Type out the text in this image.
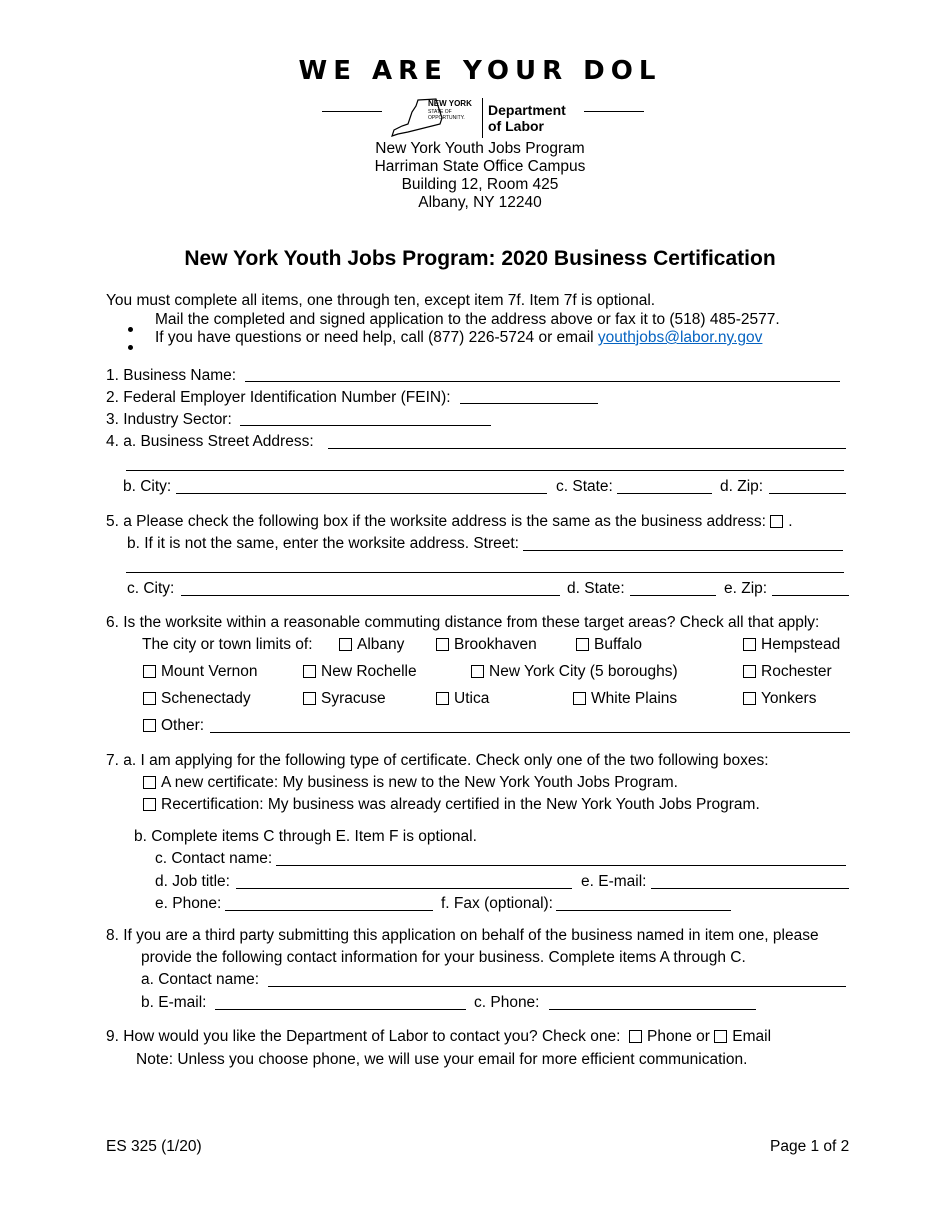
WE ARE YOUR DOL
NEW YORK
STATE OF OPPORTUNITY. Department
of Labor
New York Youth Jobs Program
Harriman State Office Campus
Building 12, Room 425
Albany, NY 12240
New York Youth Jobs Program: 2020 Business Certification
You must complete all items, one through ten, except item 7f. Item 7f is optional.
Mail the completed and signed application to the address above or fax it to (518) 485-2577.
If you have questions or need help, call (877) 226-5724 or email youthjobs@labor.ny.gov
1. Business Name:
2. Federal Employer Identification Number (FEIN):
3. Industry Sector:
4. a. Business Street Address:
b. City:	c. State:	d. Zip:
5. a Please check the following box if the worksite address is the same as the business address: .
b. If it is not the same, enter the worksite address. Street:
c. City:	d. State:	e. Zip:
6. Is the worksite within a reasonable commuting distance from these target areas? Check all that apply:
The city or town limits of:	Albany	Brookhaven	Buffalo	Hempstead
Mount Vernon	New Rochelle	New York City (5 boroughs)	Rochester
Schenectady	Syracuse	Utica	White Plains	Yonkers
Other:
7. a. I am applying for the following type of certificate. Check only one of the two following boxes:
A new certificate: My business is new to the New York Youth Jobs Program.
Recertification: My business was already certified in the New York Youth Jobs Program.
b. Complete items C through E. Item F is optional.
c. Contact name:
d. Job title:	e. E-mail:
e. Phone:	f. Fax (optional):
8. If you are a third party submitting this application on behalf of the business named in item one, please
provide the following contact information for your business. Complete items A through C.
a. Contact name:
b. E-mail:	c. Phone:
9. How would you like the Department of Labor to contact you? Check one: Phone or Email
Note: Unless you choose phone, we will use your email for more efficient communication.
ES 325 (1/20)	Page 1 of 2
